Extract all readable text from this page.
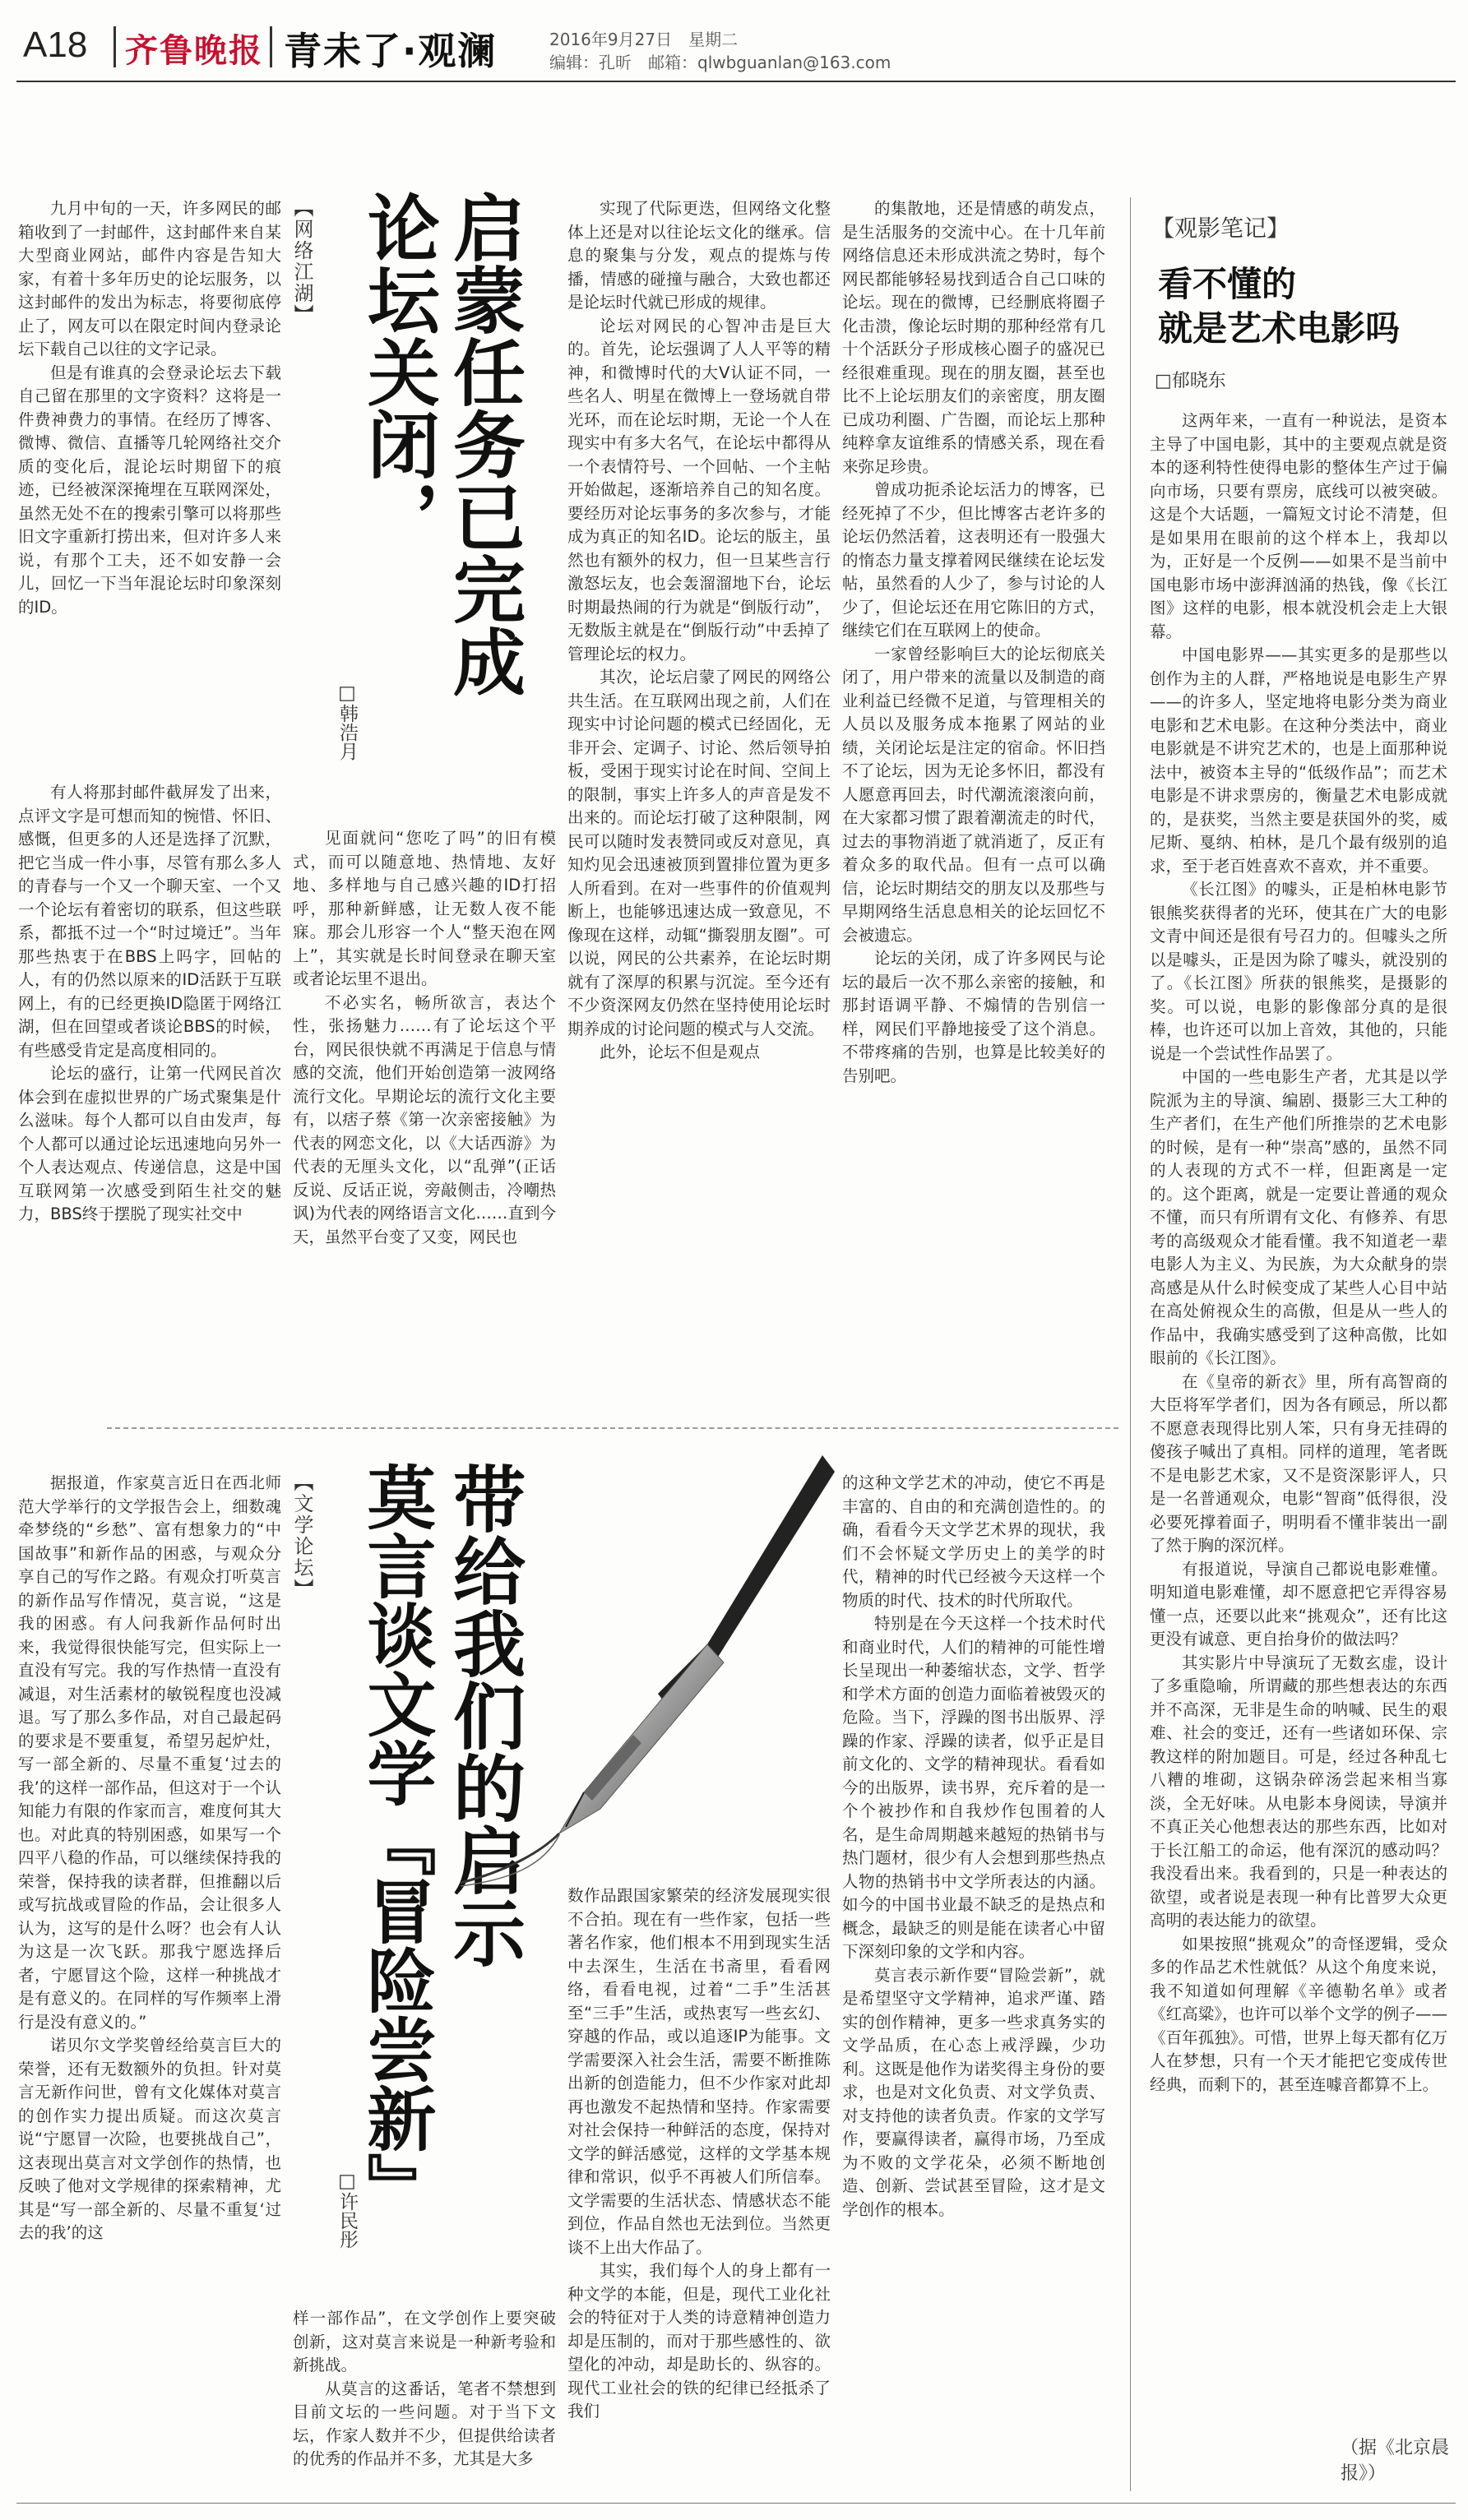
A18 齐鲁晚报 青未了·观澜	2016年9月27日　星期二
编辑：孔昕　邮箱：qlwbguanlan@163.com
【网络江湖】 启蒙任务已完成
论坛关闭，
□韩浩月

九月中旬的一天，许多网民的邮箱收到了一封邮件，这封邮件来自某大型商业网站，邮件内容是告知大家，有着十多年历史的论坛服务，以这封邮件的发出为标志，将要彻底停止了，网友可以在限定时间内登录论坛下载自己以往的文字记录。

但是有谁真的会登录论坛去下载自己留在那里的文字资料？这将是一件费神费力的事情。在经历了博客、微博、微信、直播等几轮网络社交介质的变化后，混论坛时期留下的痕迹，已经被深深掩埋在互联网深处，虽然无处不在的搜索引擎可以将那些旧文字重新打捞出来，但对许多人来说，有那个工夫，还不如安静一会儿，回忆一下当年混论坛时印象深刻的ID。

有人将那封邮件截屏发了出来，点评文字是可想而知的惋惜、怀旧、感慨，但更多的人还是选择了沉默，把它当成一件小事，尽管有那么多人的青春与一个又一个聊天室、一个又一个论坛有着密切的联系，但这些联系，都抵不过一个“时过境迁”。当年那些热衷于在BBS上吗字，回帖的人，有的仍然以原来的ID活跃于互联网上，有的已经更换ID隐匿于网络江湖，但在回望或者谈论BBS的时候，有些感受肯定是高度相同的。

论坛的盛行，让第一代网民首次体会到在虚拟世界的广场式聚集是什么滋味。每个人都可以自由发声，每个人都可以通过论坛迅速地向另外一个人表达观点、传递信息，这是中国互联网第一次感受到陌生社交的魅力，BBS终于摆脱了现实社交中

见面就问“您吃了吗”的旧有模式，而可以随意地、热情地、友好地、多样地与自己感兴趣的ID打招呼，那种新鲜感，让无数人夜不能寐。那会儿形容一个人“整天泡在网上”，其实就是长时间登录在聊天室或者论坛里不退出。

不必实名，畅所欲言，表达个性，张扬魅力……有了论坛这个平台，网民很快就不再满足于信息与情感的交流，他们开始创造第一波网络流行文化。早期论坛的流行文化主要有，以痞子蔡《第一次亲密接触》为代表的网恋文化，以《大话西游》为代表的无厘头文化，以“乱弹”(正话反说、反话正说，旁敲侧击，冷嘲热讽)为代表的网络语言文化……直到今天，虽然平台变了又变，网民也

实现了代际更迭，但网络文化整体上还是对以往论坛文化的继承。信息的聚集与分发，观点的提炼与传播，情感的碰撞与融合，大致也都还是论坛时代就已形成的规律。

论坛对网民的心智冲击是巨大的。首先，论坛强调了人人平等的精神，和微博时代的大V认证不同，一些名人、明星在微博上一登场就自带光环，而在论坛时期，无论一个人在现实中有多大名气，在论坛中都得从一个表情符号、一个回帖、一个主帖开始做起，逐渐培养自己的知名度。要经历对论坛事务的多次参与，才能成为真正的知名ID。论坛的版主，虽然也有额外的权力，但一旦某些言行激怒坛友，也会轰溜溜地下台，论坛时期最热闹的行为就是“倒版行动”，无数版主就是在“倒版行动”中丢掉了管理论坛的权力。

其次，论坛启蒙了网民的网络公共生活。在互联网出现之前，人们在现实中讨论问题的模式已经固化，无非开会、定调子、讨论、然后领导拍板，受困于现实讨论在时间、空间上的限制，事实上许多人的声音是发不出来的。而论坛打破了这种限制，网民可以随时发表赞同或反对意见，真知灼见会迅速被顶到置排位置为更多人所看到。在对一些事件的价值观判断上，也能够迅速达成一致意见，不像现在这样，动辄“撕裂朋友圈”。可以说，网民的公共素养，在论坛时期就有了深厚的积累与沉淀。至今还有不少资深网友仍然在坚持使用论坛时期养成的讨论问题的模式与人交流。

此外，论坛不但是观点

的集散地，还是情感的萌发点，是生活服务的交流中心。在十几年前网络信息还未形成洪流之势时，每个网民都能够轻易找到适合自己口味的论坛。现在的微博，已经删底将圈子化击溃，像论坛时期的那种经常有几十个活跃分子形成核心圈子的盛况已经很难重现。现在的朋友圈，甚至也比不上论坛朋友们的亲密度，朋友圈已成功利圈、广告圈，而论坛上那种纯粹拿友谊维系的情感关系，现在看来弥足珍贵。

曾成功扼杀论坛活力的博客，已经死掉了不少，但比博客古老许多的论坛仍然活着，这表明还有一股强大的惰态力量支撑着网民继续在论坛发帖，虽然看的人少了，参与讨论的人少了，但论坛还在用它陈旧的方式，继续它们在互联网上的使命。

一家曾经影响巨大的论坛彻底关闭了，用户带来的流量以及制造的商业利益已经微不足道，与管理相关的人员以及服务成本拖累了网站的业绩，关闭论坛是注定的宿命。怀旧挡不了论坛，因为无论多怀旧，都没有人愿意再回去，时代潮流滚滚向前，在大家都习惯了跟着潮流走的时代，过去的事物消逝了就消逝了，反正有着众多的取代品。但有一点可以确信，论坛时期结交的朋友以及那些与早期网络生活息息相关的论坛回忆不会被遗忘。

论坛的关闭，成了许多网民与论坛的最后一次不那么亲密的接触，和那封语调平静、不煽情的告别信一样，网民们平静地接受了这个消息。不带疼痛的告别，也算是比较美好的告别吧。

【观影笔记】
看不懂的
就是艺术电影吗
□郁晓东

这两年来，一直有一种说法，是资本主导了中国电影，其中的主要观点就是资本的逐利特性使得电影的整体生产过于偏向市场，只要有票房，底线可以被突破。这是个大话题，一篇短文讨论不清楚，但是如果用在眼前的这个样本上，我却以为，正好是一个反例——如果不是当前中国电影市场中澎湃汹涌的热钱，像《长江图》这样的电影，根本就没机会走上大银幕。

中国电影界——其实更多的是那些以创作为主的人群，严格地说是电影生产界——的许多人，坚定地将电影分类为商业电影和艺术电影。在这种分类法中，商业电影就是不讲究艺术的，也是上面那种说法中，被资本主导的“低级作品”；而艺术电影是不讲求票房的，衡量艺术电影成就的，是获奖，当然主要是获国外的奖，威尼斯、戛纳、柏林，是几个最有级别的追求，至于老百姓喜欢不喜欢，并不重要。

《长江图》的噱头，正是柏林电影节银熊奖获得者的光环，使其在广大的电影文青中间还是很有号召力的。但噱头之所以是噱头，正是因为除了噱头，就没别的了。《长江图》所获的银熊奖，是摄影的奖。可以说，电影的影像部分真的是很棒，也许还可以加上音效，其他的，只能说是一个尝试性作品罢了。

中国的一些电影生产者，尤其是以学院派为主的导演、编剧、摄影三大工种的生产者们，在生产他们所推崇的艺术电影的时候，是有一种“崇高”感的，虽然不同的人表现的方式不一样，但距离是一定的。这个距离，就是一定要让普通的观众不懂，而只有所谓有文化、有修养、有思考的高级观众才能看懂。我不知道老一辈电影人为主义、为民族，为大众献身的崇高感是从什么时候变成了某些人心目中站在高处俯视众生的高傲，但是从一些人的作品中，我确实感受到了这种高傲，比如眼前的《长江图》。

在《皇帝的新衣》里，所有高智商的大臣将军学者们，因为各有顾忌，所以都不愿意表现得比别人笨，只有身无挂碍的傻孩子喊出了真相。同样的道理，笔者既不是电影艺术家，又不是资深影评人，只是一名普通观众，电影“智商”低得很，没必要死撑着面子，明明看不懂非装出一副了然于胸的深沉样。

有报道说，导演自己都说电影难懂。明知道电影难懂，却不愿意把它弄得容易懂一点，还要以此来“挑观众”，还有比这更没有诚意、更自抬身价的做法吗？

其实影片中导演玩了无数玄虚，设计了多重隐喻，所谓藏的那些想表达的东西并不高深，无非是生命的呐喊、民生的艰难、社会的变迁，还有一些诸如环保、宗教这样的附加题目。可是，经过各种乱七八糟的堆砌，这锅杂碎汤尝起来相当寡淡，全无好味。从电影本身阅读，导演并不真正关心他想表达的那些东西，比如对于长江船工的命运，他有深沉的感动吗？我没看出来。我看到的，只是一种表达的欲望，或者说是表现一种有比普罗大众更高明的表达能力的欲望。

如果按照“挑观众”的奇怪逻辑，受众多的作品艺术性就低？从这个角度来说，我不知道如何理解《辛德勒名单》或者《红高粱》，也许可以举个文学的例子——《百年孤独》。可惜，世界上每天都有亿万人在梦想，只有一个天才能把它变成传世经典，而剩下的，甚至连噱音都算不上。

（据《北京晨报》）
【文学论坛】 带给我们的启示
莫言谈文学『冒险尝新』
□许民彤

据报道，作家莫言近日在西北师范大学举行的文学报告会上，细数魂牵梦绕的“乡愁”、富有想象力的“中国故事”和新作品的困惑，与观众分享自己的写作之路。有观众打听莫言的新作品写作情况，莫言说，“这是我的困惑。有人问我新作品何时出来，我觉得很快能写完，但实际上一直没有写完。我的写作热情一直没有减退，对生活素材的敏锐程度也没减退。写了那么多作品，对自己最起码的要求是不要重复，希望另起炉灶，写一部全新的、尽量不重复‘过去的我’的这样一部作品，但这对于一个认知能力有限的作家而言，难度何其大也。对此真的特别困惑，如果写一个四平八稳的作品，可以继续保持我的荣誉，保持我的读者群，但推翻以后或写抗战或冒险的作品，会让很多人认为，这写的是什么呀？也会有人认为这是一次飞跃。那我宁愿选择后者，宁愿冒这个险，这样一种挑战才是有意义的。在同样的写作频率上滑行是没有意义的。”

诺贝尔文学奖曾经给莫言巨大的荣誉，还有无数额外的负担。针对莫言无新作问世，曾有文化媒体对莫言的创作实力提出质疑。而这次莫言说“宁愿冒一次险，也要挑战自己”，这表现出莫言对文学创作的热情，也反映了他对文学规律的探索精神，尤其是“写一部全新的、尽量不重复‘过去的我’的这

样一部作品”，在文学创作上要突破创新，这对莫言来说是一种新考验和新挑战。

从莫言的这番话，笔者不禁想到目前文坛的一些问题。对于当下文坛，作家人数并不少，但提供给读者的优秀的作品并不多，尤其是大多

数作品跟国家繁荣的经济发展现实很不合拍。现在有一些作家，包括一些著名作家，他们根本不用到现实生活中去深生，生活在书斋里，看看网络，看看电视，过着“二手”生活甚至“三手”生活，或热衷写一些玄幻、穿越的作品，或以追逐IP为能事。文学需要深入社会生活，需要不断推陈出新的创造能力，但不少作家对此却再也激发不起热情和坚持。作家需要对社会保持一种鲜活的态度，保持对文学的鲜活感觉，这样的文学基本规律和常识，似乎不再被人们所信奉。文学需要的生活状态、情感状态不能到位，作品自然也无法到位。当然更谈不上出大作品了。

其实，我们每个人的身上都有一种文学的本能，但是，现代工业化社会的特征对于人类的诗意精神创造力却是压制的，而对于那些感性的、欲望化的冲动，却是助长的、纵容的。现代工业社会的铁的纪律已经抵杀了我们

的这种文学艺术的冲动，使它不再是丰富的、自由的和充满创造性的。的确，看看今天文学艺术界的现状，我们不会怀疑文学历史上的美学的时代，精神的时代已经被今天这样一个物质的时代、技术的时代所取代。

特别是在今天这样一个技术时代和商业时代，人们的精神的可能性增长呈现出一种萎缩状态，文学、哲学和学术方面的创造力面临着被毁灭的危险。当下，浮躁的图书出版界、浮躁的作家、浮躁的读者，似乎正是目前文化的、文学的精神现状。看看如今的出版界，读书界，充斥着的是一个个被抄作和自我炒作包围着的人名，是生命周期越来越短的热销书与热门题材，很少有人会想到那些热点人物的热销书中文学所表达的内涵。如今的中国书业最不缺乏的是热点和概念，最缺乏的则是能在读者心中留下深刻印象的文学和内容。

莫言表示新作要“冒险尝新”，就是希望坚守文学精神，追求严谨、踏实的创作精神，更多一些求真务实的文学品质，在心态上戒浮躁，少功利。这既是他作为诺奖得主身份的要求，也是对文化负责、对文学负责、对支持他的读者负责。作家的文学写作，要赢得读者，赢得市场，乃至成为不败的文学花朵，必须不断地创造、创新、尝试甚至冒险，这才是文学创作的根本。
